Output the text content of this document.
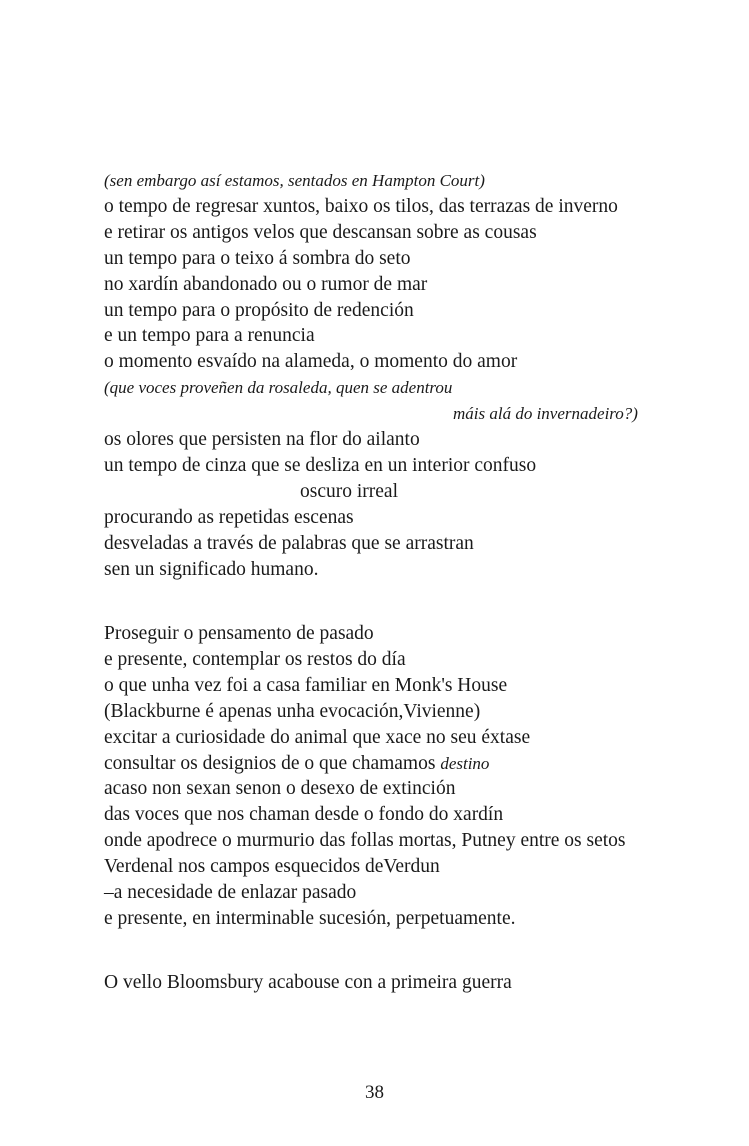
(sen embargo así estamos, sentados en Hampton Court)
o tempo de regresar xuntos, baixo os tilos, das terrazas de inverno
e retirar os antigos velos que descansan sobre as cousas
un tempo para o teixo á sombra do seto
no xardín abandonado ou o rumor de mar
un tempo para o propósito de redención
e un tempo para a renuncia
o momento esvaído na alameda, o momento do amor
(que voces proveñen da rosaleda, quen se adentrou
máis alá do invernadeiro?)
os olores que persisten na flor do ailanto
un tempo de cinza que se desliza en un interior confuso
oscuro irreal
procurando as repetidas escenas
desveladas a través de palabras que se arrastran
sen un significado humano.
Proseguir o pensamento de pasado
e presente, contemplar os restos do día
o que unha vez foi a casa familiar en Monk's House
(Blackburne é apenas unha evocación,Vivienne)
excitar a curiosidade do animal que xace no seu éxtase
consultar os designios de o que chamamos destino
acaso non sexan senon o desexo de extinción
das voces que nos chaman desde o fondo do xardín
onde apodrece o murmurio das follas mortas, Putney entre os setos
Verdenal nos campos esquecidos deVerdun
–a necesidade de enlazar pasado
e presente, en interminable sucesión, perpetuamente.
O vello Bloomsbury acabouse con a primeira guerra
38
